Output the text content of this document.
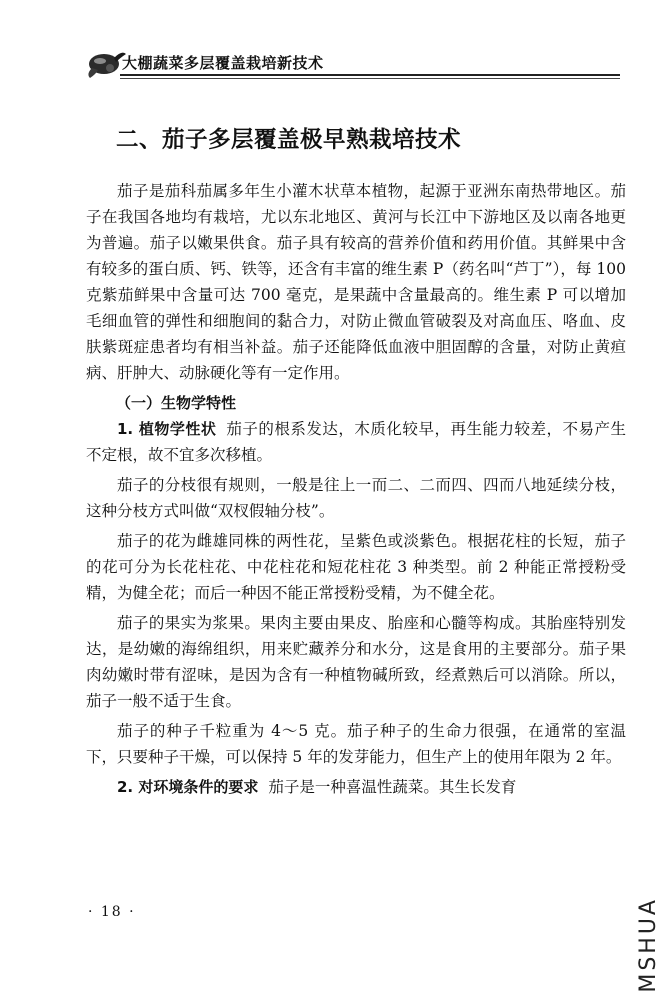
大棚蔬菜多层覆盖栽培新技术
二、茄子多层覆盖极早熟栽培技术

茄子是茄科茄属多年生小灌木状草本植物，起源于亚洲东南热带地区。茄子在我国各地均有栽培，尤以东北地区、黄河与长江中下游地区及以南各地更为普遍。茄子以嫩果供食。茄子具有较高的营养价值和药用价值。其鲜果中含有较多的蛋白质、钙、铁等，还含有丰富的维生素 P（药名叫“芦丁”），每 100 克紫茄鲜果中含量可达 700 毫克，是果蔬中含量最高的。维生素 P 可以增加毛细血管的弹性和细胞间的黏合力，对防止微血管破裂及对高血压、咯血、皮肤紫斑症患者均有相当补益。茄子还能降低血液中胆固醇的含量，对防止黄疸病、肝肿大、动脉硬化等有一定作用。

（一）生物学特性

1. 植物学性状 茄子的根系发达，木质化较早，再生能力较差，不易产生不定根，故不宜多次移植。

茄子的分枝很有规则，一般是往上一而二、二而四、四而八地延续分枝，这种分枝方式叫做“双杈假轴分枝”。

茄子的花为雌雄同株的两性花，呈紫色或淡紫色。根据花柱的长短，茄子的花可分为长花柱花、中花柱花和短花柱花 3 种类型。前 2 种能正常授粉受精，为健全花；而后一种因不能正常授粉受精，为不健全花。

茄子的果实为浆果。果肉主要由果皮、胎座和心髓等构成。其胎座特别发达，是幼嫩的海绵组织，用来贮藏养分和水分，这是食用的主要部分。茄子果肉幼嫩时带有涩味，是因为含有一种植物碱所致，经煮熟后可以消除。所以，茄子一般不适于生食。

茄子的种子千粒重为 4～5 克。茄子种子的生命力很强，在通常的室温下，只要种子干燥，可以保持 5 年的发芽能力，但生产上的使用年限为 2 年。

2. 对环境条件的要求 茄子是一种喜温性蔬菜。其生长发育

· 18 ·	MSHUA
